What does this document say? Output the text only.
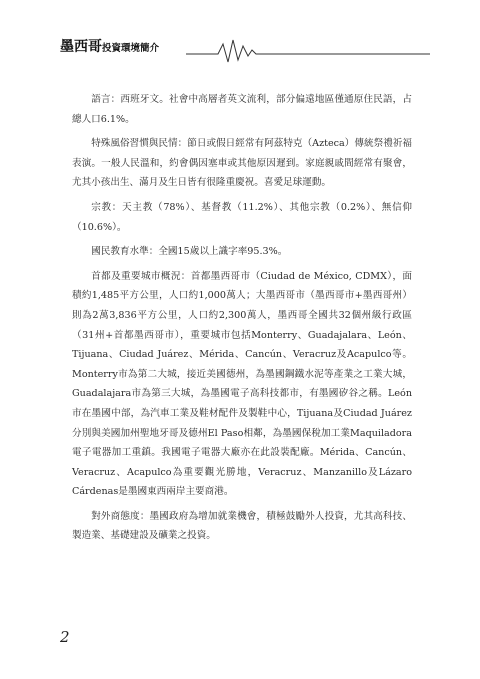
墨西哥投資環境簡介

語言：西班牙文。社會中高層者英文流利，部分偏遠地區僅通原住民語，占總人口6.1%。

特殊風俗習慣與民情：節日或假日經常有阿茲特克（Azteca）傳統祭禮祈福表演。一般人民溫和，約會偶因塞車或其他原因遲到。家庭親戚間經常有聚會，尤其小孩出生、滿月及生日皆有很隆重慶祝。喜愛足球運動。

宗教：天主教（78%）、基督教（11.2%）、其他宗教（0.2%）、無信仰（10.6%）。

國民教育水準：全國15歲以上識字率95.3%。

首都及重要城市概況：首都墨西哥市（Ciudad de México, CDMX），面積約1,485平方公里，人口約1,000萬人；大墨西哥市（墨西哥市+墨西哥州）則為2萬3,836平方公里，人口約2,300萬人，墨西哥全國共32個州級行政區（31州+首都墨西哥市），重要城市包括Monterry、Guadajalara、León、Tijuana、Ciudad Juárez、Mérida、Cancún、Veracruz及Acapulco等。Monterry市為第二大城，接近美國德州，為墨國鋼鐵水泥等產業之工業大城，Guadalajara市為第三大城，為墨國電子高科技都市，有墨國矽谷之稱。León市在墨國中部，為汽車工業及鞋材配件及製鞋中心，Tijuana及Ciudad Juárez分別與美國加州聖地牙哥及德州El Paso相鄰，為墨國保稅加工業Maquiladora電子電器加工重鎮。我國電子電器大廠亦在此設裝配廠。Mérida、Cancún、Veracruz、Acapulco為重要觀光勝地，Veracruz、Manzanillo及Lázaro Cárdenas是墨國東西兩岸主要商港。

對外商態度：墨國政府為增加就業機會，積極鼓勵外人投資，尤其高科技、製造業、基礎建設及礦業之投資。

2
